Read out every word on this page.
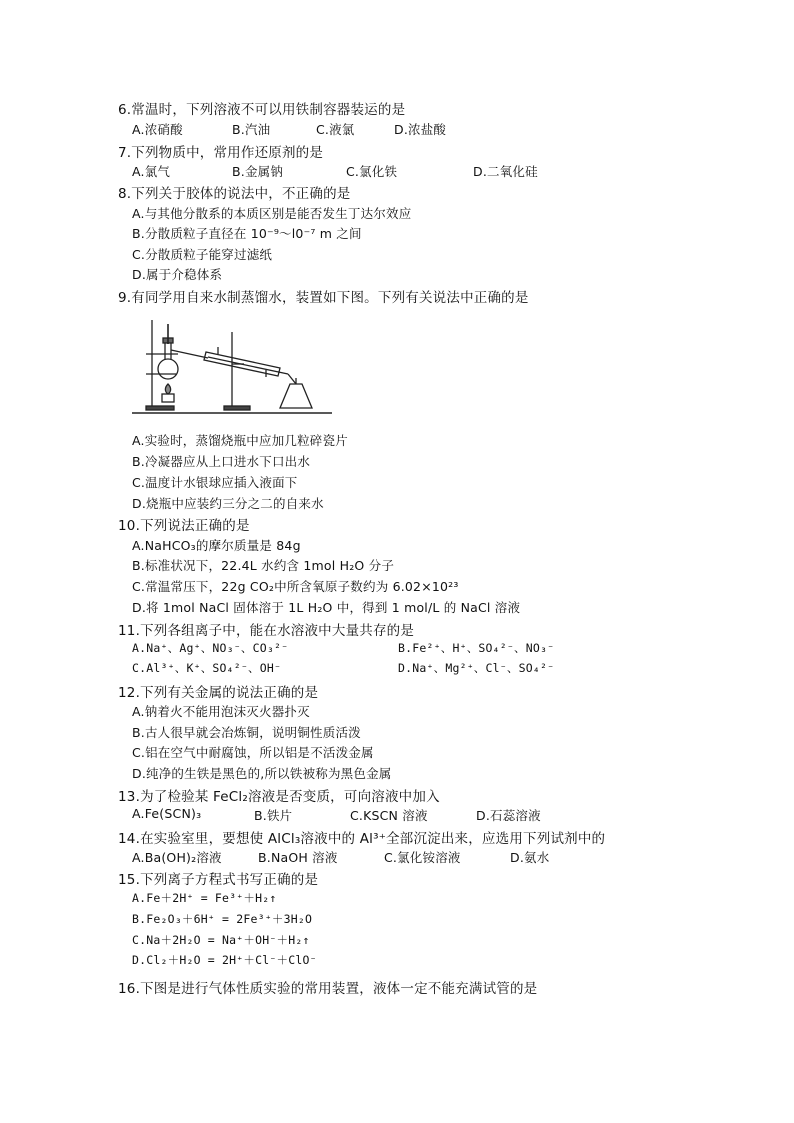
6.常温时，下列溶液不可以用铁制容器装运的是
A.浓硝酸	B.汽油	C.液氯	D.浓盐酸
7.下列物质中，常用作还原剂的是
A.氯气	B.金属钠	C.氯化铁	D.二氧化硅
8.下列关于胶体的说法中，不正确的是
A.与其他分散系的本质区别是能否发生丁达尔效应
B.分散质粒子直径在 10⁻⁹～l0⁻⁷ m 之间
C.分散质粒子能穿过滤纸
D.属于介稳体系
9.有同学用自来水制蒸馏水，装置如下图。下列有关说法中正确的是
A.实验时，蒸馏烧瓶中应加几粒碎瓷片
B.冷凝器应从上口进水下口出水
C.温度计水银球应插入液面下
D.烧瓶中应装约三分之二的自来水
10.下列说法正确的是
A.NaHCO₃的摩尔质量是 84g
B.标准状况下，22.4L 水约含 1mol H₂O 分子
C.常温常压下，22g CO₂中所含氧原子数约为 6.02×10²³
D.将 1mol NaCl 固体溶于 1L H₂O 中，得到 1 mol/L 的 NaCl 溶液
11.下列各组离子中，能在水溶液中大量共存的是
A.Na⁺、Ag⁺、NO₃⁻、CO₃²⁻	B.Fe²⁺、H⁺、SO₄²⁻、NO₃⁻
C.Al³⁺、K⁺、SO₄²⁻、OH⁻	D.Na⁺、Mg²⁺、Cl⁻、SO₄²⁻
12.下列有关金属的说法正确的是
A.钠着火不能用泡沫灭火器扑灭
B.古人很早就会冶炼铜，说明铜性质活泼
C.铝在空气中耐腐蚀，所以铝是不活泼金属
D.纯净的生铁是黑色的,所以铁被称为黑色金属
13.为了检验某 FeCl₂溶液是否变质，可向溶液中加入
A.Fe(SCN)₃	B.铁片	C.KSCN 溶液	D.石蕊溶液
14.在实验室里，要想使 AlCl₃溶液中的 Al³⁺全部沉淀出来，应选用下列试剂中的
A.Ba(OH)₂溶液	B.NaOH 溶液	C.氯化铵溶液	D.氨水
15.下列离子方程式书写正确的是
A.Fe＋2H⁺ = Fe³⁺＋H₂↑
B.Fe₂O₃＋6H⁺ = 2Fe³⁺＋3H₂O
C.Na＋2H₂O = Na⁺＋OH⁻＋H₂↑
D.Cl₂＋H₂O = 2H⁺＋Cl⁻＋ClO⁻
16.下图是进行气体性质实验的常用装置，液体一定不能充满试管的是
